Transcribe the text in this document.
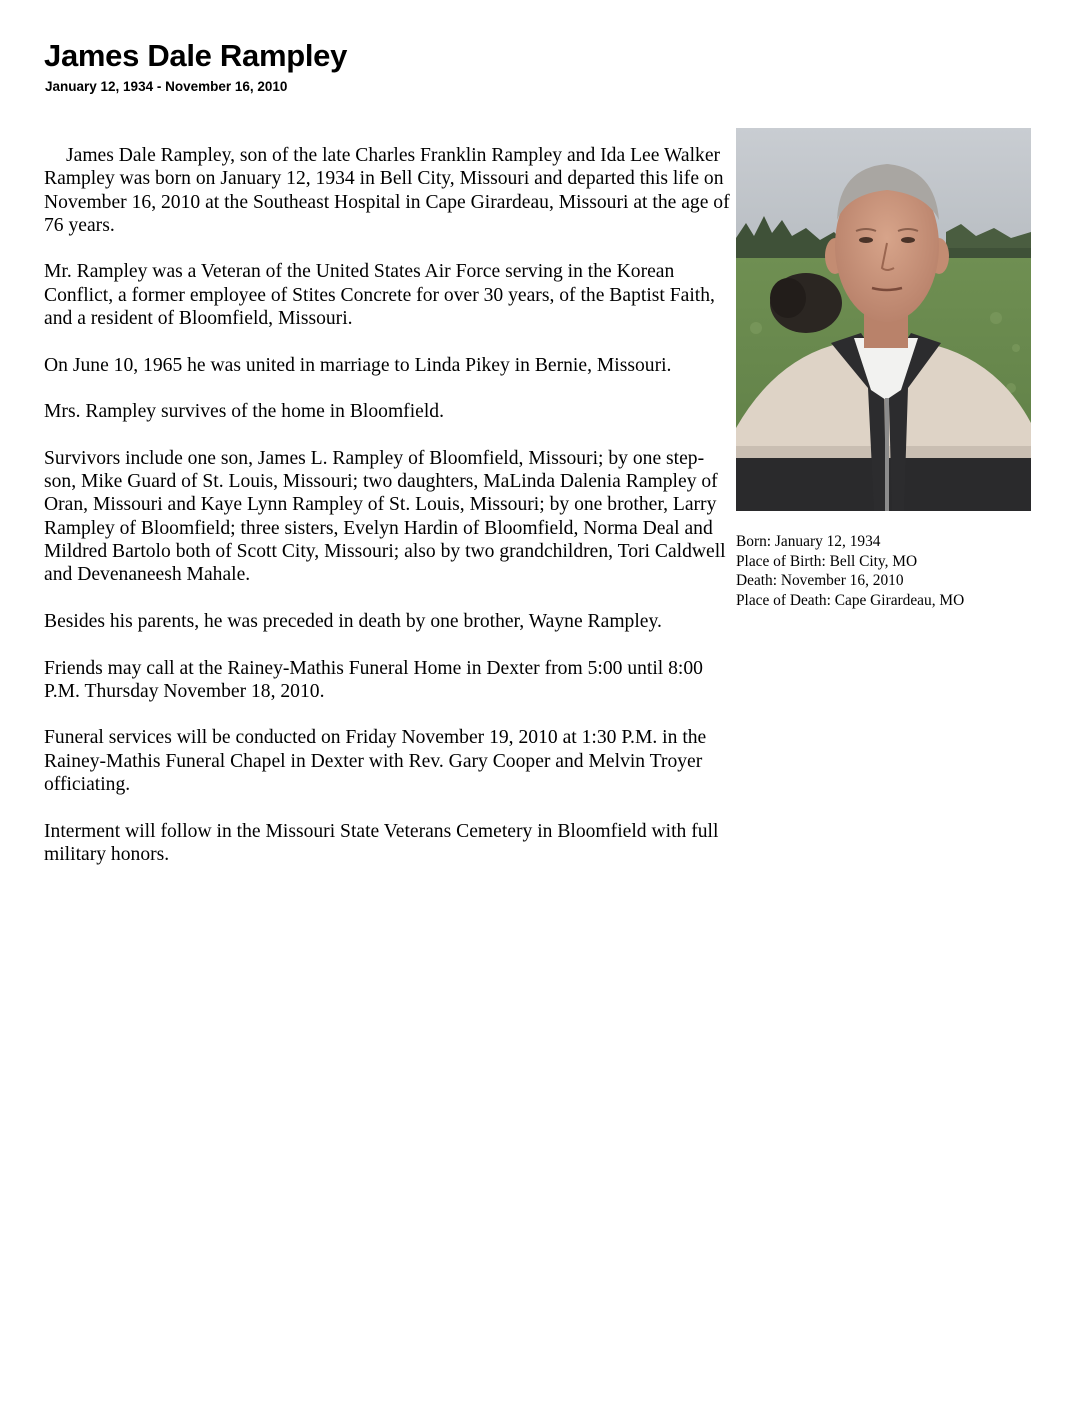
James Dale Rampley
January 12, 1934 - November 16, 2010

James Dale Rampley, son of the late Charles Franklin Rampley and Ida Lee Walker Rampley was born on January 12, 1934 in Bell City, Missouri and departed this life on November 16, 2010 at the Southeast Hospital in Cape Girardeau, Missouri at the age of 76 years.

Mr. Rampley was a Veteran of the United States Air Force serving in the Korean Conflict, a former employee of Stites Concrete for over 30 years, of the Baptist Faith, and a resident of Bloomfield, Missouri.

On June 10, 1965 he was united in marriage to Linda Pikey in Bernie, Missouri.

Mrs. Rampley survives of the home in Bloomfield.

Survivors include one son, James L. Rampley of Bloomfield, Missouri; by one step-son, Mike Guard of St. Louis, Missouri; two daughters, MaLinda Dalenia Rampley of Oran, Missouri and Kaye Lynn Rampley of St. Louis, Missouri; by one brother, Larry Rampley of Bloomfield; three sisters, Evelyn Hardin of Bloomfield, Norma Deal and Mildred Bartolo both of Scott City, Missouri; also by two grandchildren, Tori Caldwell and Devenaneesh Mahale.

Besides his parents, he was preceded in death by one brother, Wayne Rampley.

Friends may call at the Rainey-Mathis Funeral Home in Dexter from 5:00 until 8:00 P.M. Thursday November 18, 2010.

Funeral services will be conducted on Friday November 19, 2010 at 1:30 P.M. in the Rainey-Mathis Funeral Chapel in Dexter with Rev. Gary Cooper and Melvin Troyer officiating.

Interment will follow in the Missouri State Veterans Cemetery in Bloomfield with full military honors.

Born: January 12, 1934
Place of Birth: Bell City, MO
Death: November 16, 2010
Place of Death: Cape Girardeau, MO
